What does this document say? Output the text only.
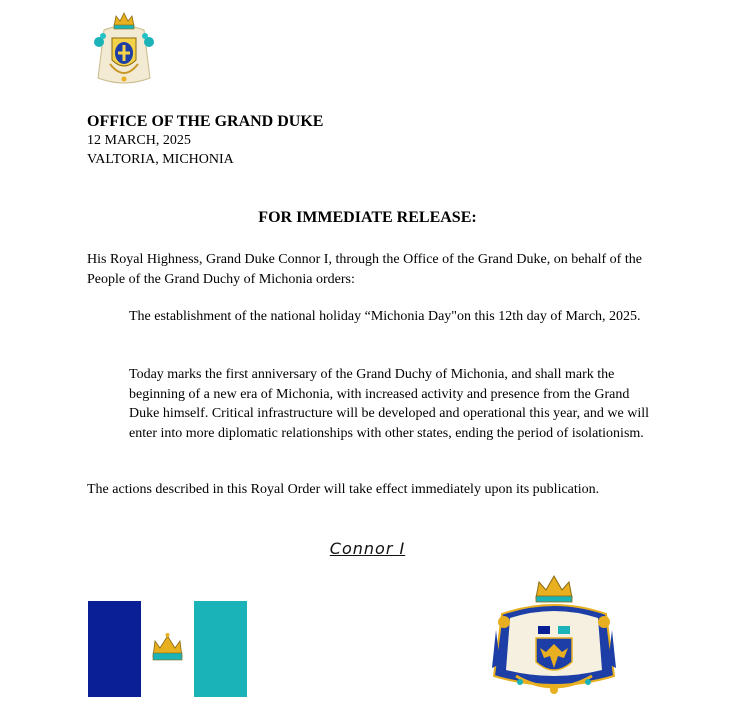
OFFICE OF THE GRAND DUKE
12 MARCH, 2025
VALTORIA, MICHONIA
FOR IMMEDIATE RELEASE:
His Royal Highness, Grand Duke Connor I, through the Office of the Grand Duke, on behalf of the People of the Grand Duchy of Michonia orders:
The establishment of the national holiday “Michonia Day"on this 12th day of March, 2025.
Today marks the first anniversary of the Grand Duchy of Michonia, and shall mark the beginning of a new era of Michonia, with increased activity and presence from the Grand Duke himself. Critical infrastructure will be developed and operational this year, and we will enter into more diplomatic relationships with other states, ending the period of isolationism.
The actions described in this Royal Order will take effect immediately upon its publication.
Connor I
